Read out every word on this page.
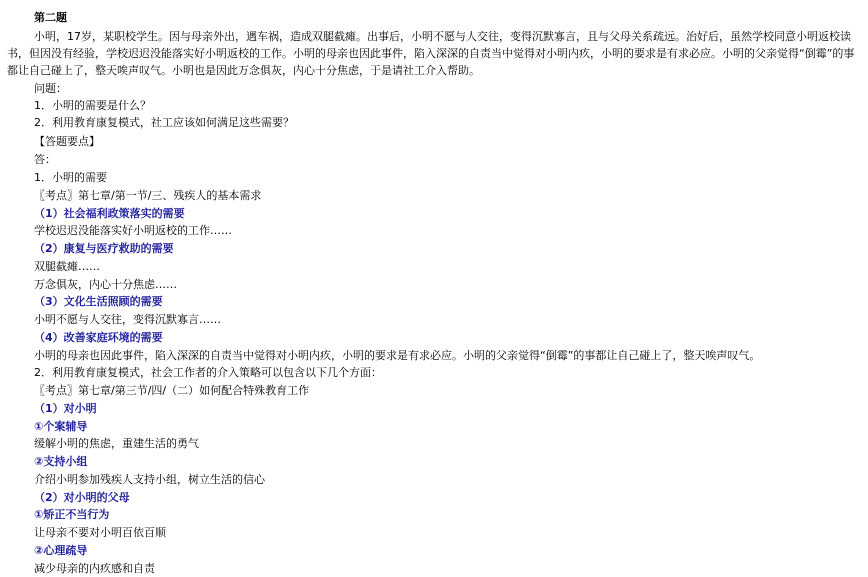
第二题
小明，17岁，某职校学生。因与母亲外出，遇车祸，造成双腿截瘫。出事后，小明不愿与人交往，变得沉默寡言，且与父母关系疏远。治好后，虽然学校同意小明返校读
书，但因没有经验，学校迟迟没能落实好小明返校的工作。小明的母亲也因此事件，陷入深深的自责当中觉得对小明内疚，小明的要求是有求必应。小明的父亲觉得“倒霉”的事
都让自己碰上了，整天唉声叹气。小明也是因此万念俱灰，内心十分焦虑，于是请社工介入帮助。
问题：
1．小明的需要是什么？
2．利用教育康复模式，社工应该如何满足这些需要？
【答题要点】
答：
1．小明的需要
〖考点〗第七章/第一节/三、残疾人的基本需求
（1）社会福利政策落实的需要
学校迟迟没能落实好小明返校的工作……
（2）康复与医疗救助的需要
双腿截瘫……
万念俱灰，内心十分焦虑……
（3）文化生活照顾的需要
小明不愿与人交往，变得沉默寡言……
（4）改善家庭环境的需要
小明的母亲也因此事件，陷入深深的自责当中觉得对小明内疚，小明的要求是有求必应。小明的父亲觉得“倒霉”的事都让自己碰上了，整天唉声叹气。
2．利用教育康复模式，社会工作者的介入策略可以包含以下几个方面：
〖考点〗第七章/第三节/四/（二）如何配合特殊教育工作
（1）对小明
①个案辅导
缓解小明的焦虑，重建生活的勇气
②支持小组
介绍小明参加残疾人支持小组，树立生活的信心
（2）对小明的父母
①矫正不当行为
让母亲不要对小明百依百顺
②心理疏导
减少母亲的内疚感和自责
